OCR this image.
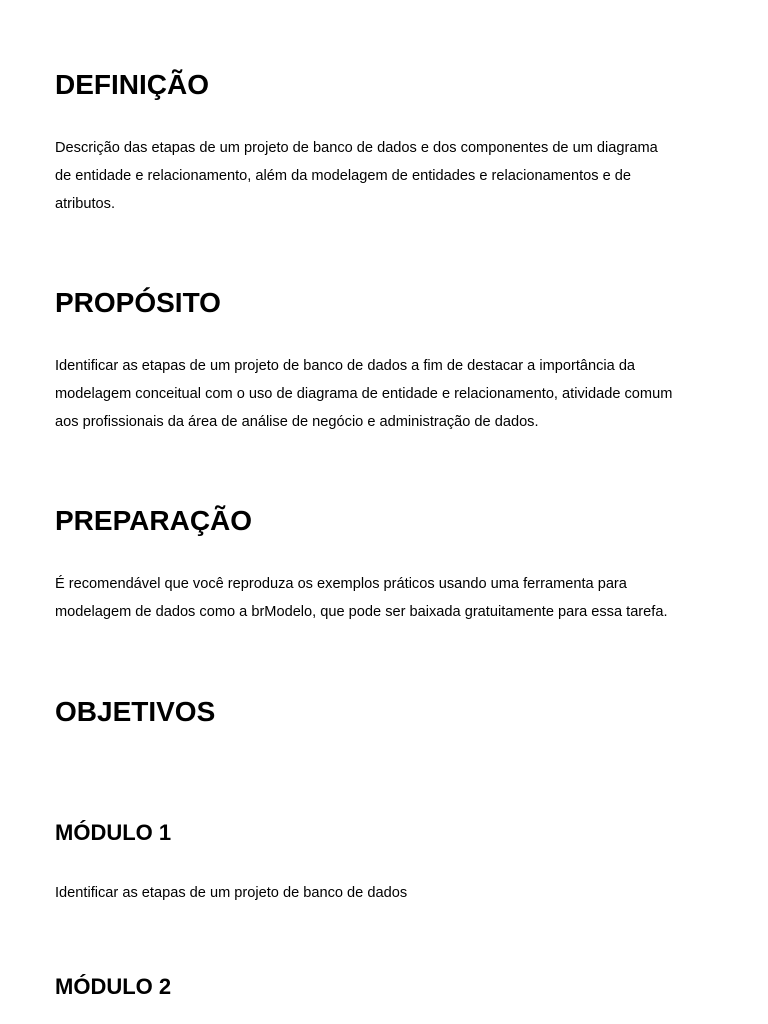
DEFINIÇÃO

Descrição das etapas de um projeto de banco de dados e dos componentes de um diagrama
de entidade e relacionamento, além da modelagem de entidades e relacionamentos e de
atributos.

PROPÓSITO

Identificar as etapas de um projeto de banco de dados a fim de destacar a importância da
modelagem conceitual com o uso de diagrama de entidade e relacionamento, atividade comum
aos profissionais da área de análise de negócio e administração de dados.

PREPARAÇÃO

É recomendável que você reproduza os exemplos práticos usando uma ferramenta para
modelagem de dados como a brModelo, que pode ser baixada gratuitamente para essa tarefa.

OBJETIVOS
MÓDULO 1

Identificar as etapas de um projeto de banco de dados

MÓDULO 2
